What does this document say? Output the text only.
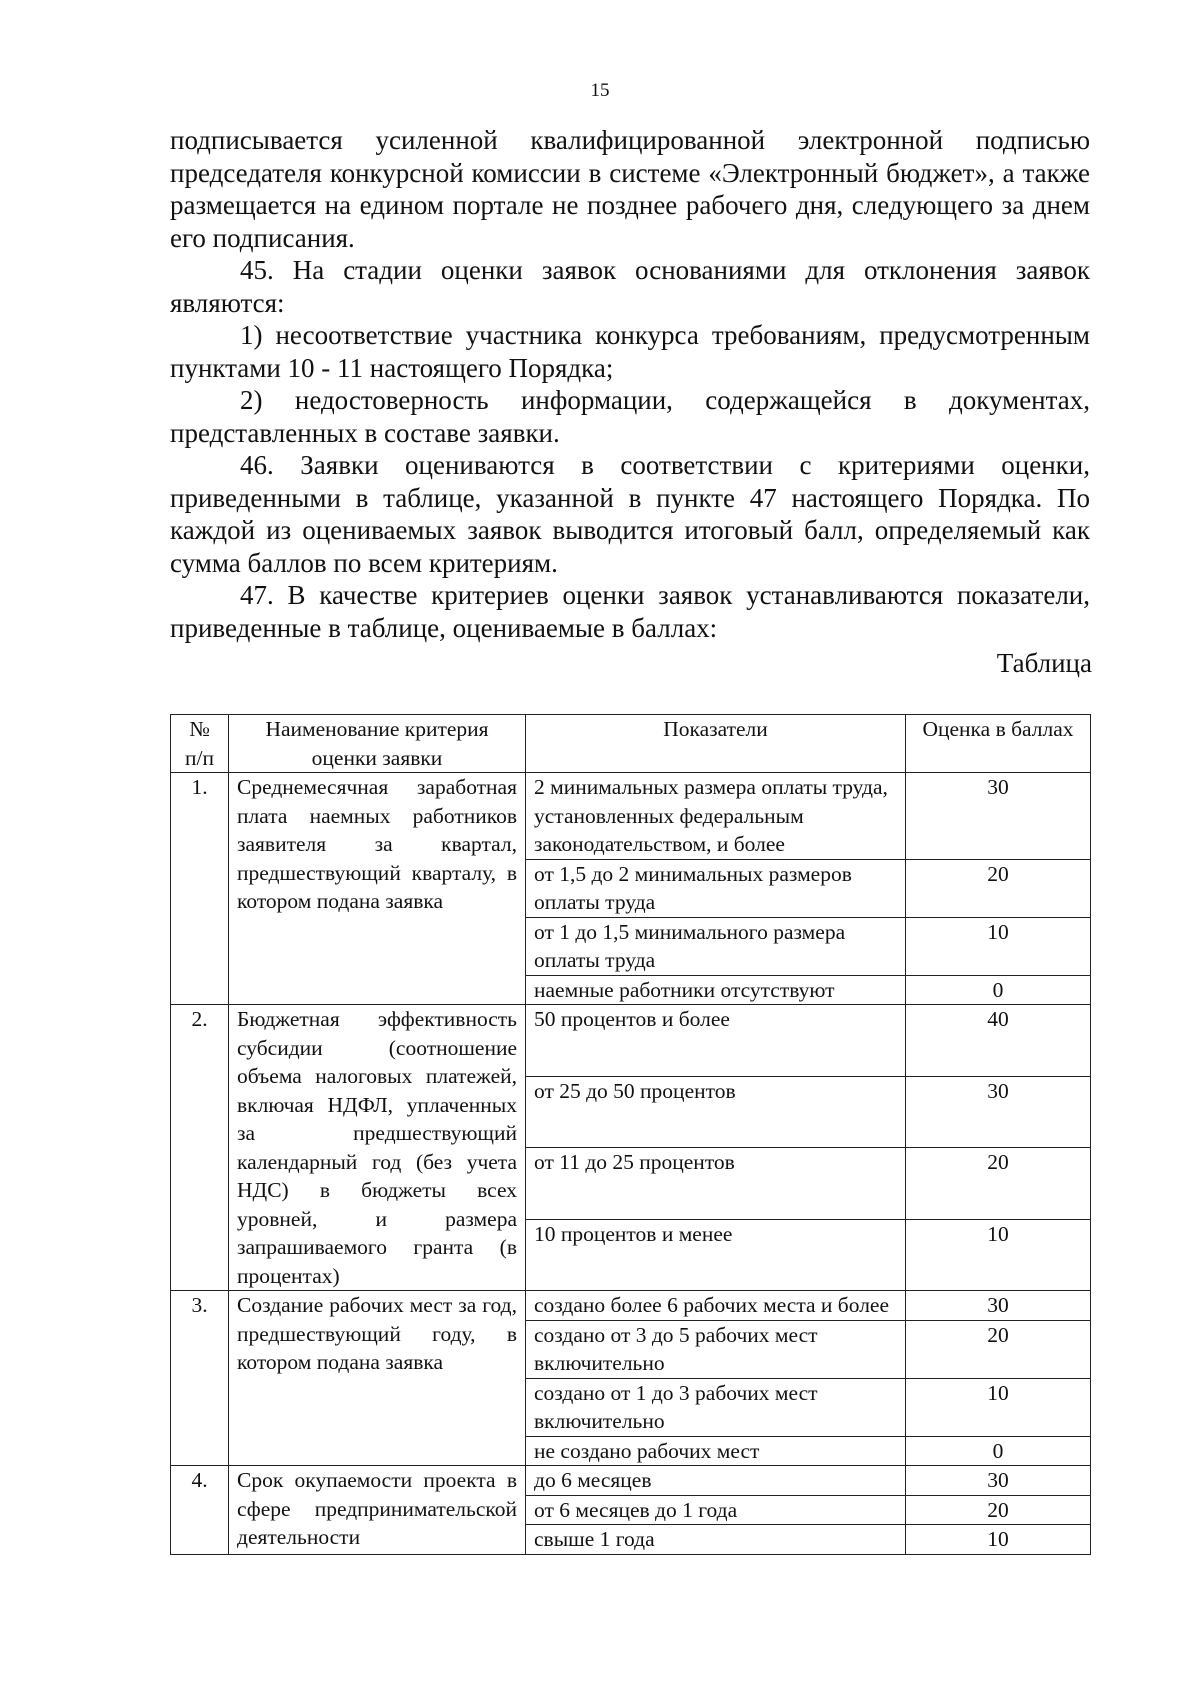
15

подписывается усиленной квалифицированной электронной подписью председателя конкурсной комиссии в системе «Электронный бюджет», а также размещается на едином портале не позднее рабочего дня, следующего за днем его подписания.

45. На стадии оценки заявок основаниями для отклонения заявок являются:

1) несоответствие участника конкурса требованиям, предусмотренным пунктами 10 - 11 настоящего Порядка;

2) недостоверность информации, содержащейся в документах, представленных в составе заявки.

46. Заявки оцениваются в соответствии с критериями оценки, приведенными в таблице, указанной в пункте 47 настоящего Порядка. По каждой из оцениваемых заявок выводится итоговый балл, определяемый как сумма баллов по всем критериям.

47. В качестве критериев оценки заявок устанавливаются показатели, приведенные в таблице, оцениваемые в баллах:

Таблица
№ п/п	Наименование критерия оценки заявки	Показатели	Оценка в баллах
1.	Среднемесячная заработная плата наемных работников заявителя за квартал, предшествующий кварталу, в котором подана заявка	2 минимальных размера оплаты труда, установленных федеральным законодательством, и более	30
		от 1,5 до 2 минимальных размеров оплаты труда	20
		от 1 до 1,5 минимального размера оплаты труда	10
		наемные работники отсутствуют	0
2.	Бюджетная эффективность субсидии (соотношение объема налоговых платежей, включая НДФЛ, уплаченных за предшествующий календарный год (без учета НДС) в бюджеты всех уровней, и размера запрашиваемого гранта (в процентах)	50 процентов и более	40
		от 25 до 50 процентов	30
		от 11 до 25 процентов	20
		10 процентов и менее	10
3.	Создание рабочих мест за год, предшествующий году, в котором подана заявка	создано более 6 рабочих места и более	30
		создано от 3 до 5 рабочих мест включительно	20
		создано от 1 до 3 рабочих мест включительно	10
		не создано рабочих мест	0
4.	Срок окупаемости проекта в сфере предпринимательской деятельности	до 6 месяцев	30
		от 6 месяцев до 1 года	20
		свыше 1 года	10
